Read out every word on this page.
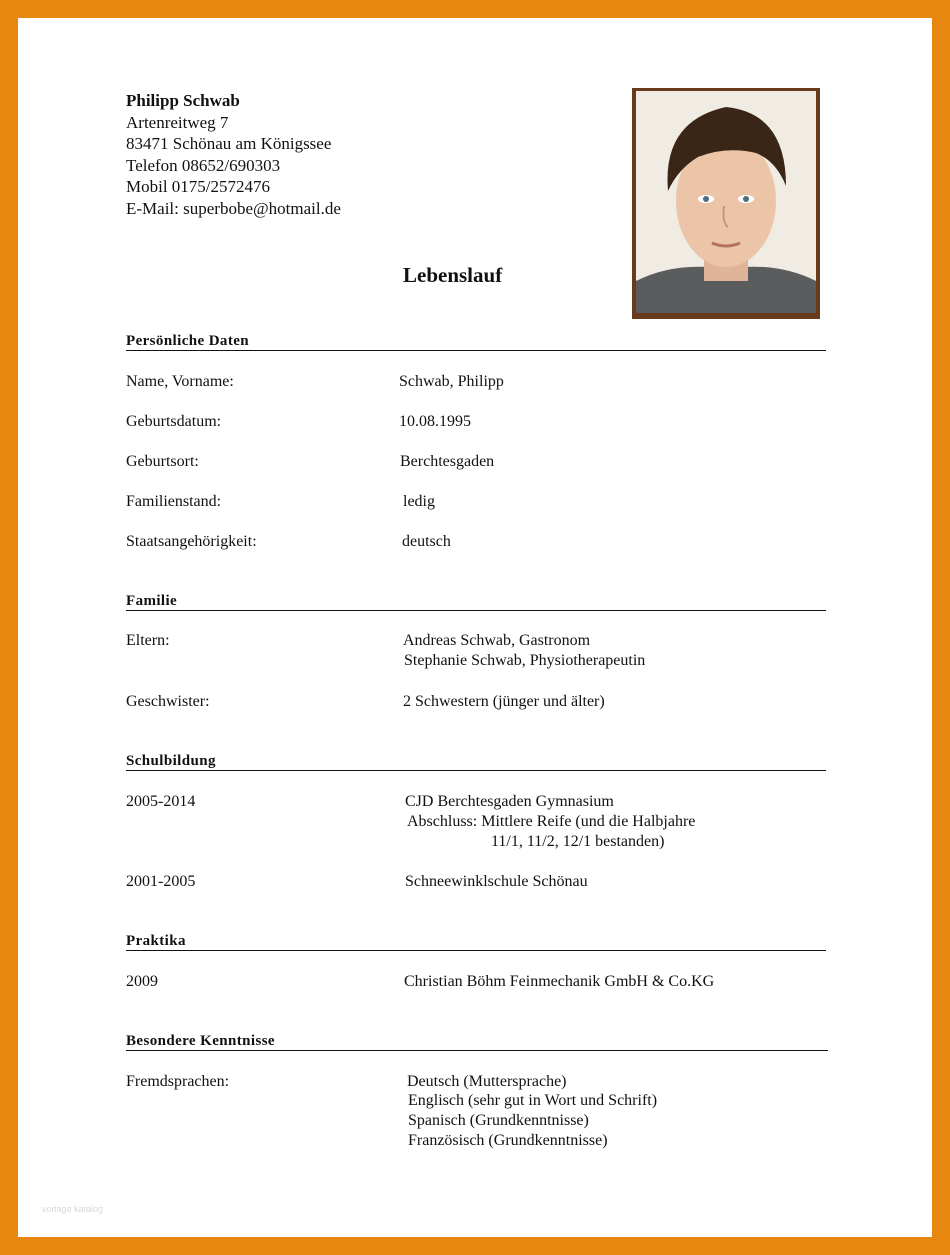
Philipp Schwab
Artenreitweg 7
83471 Schönau am Königssee
Telefon 08652/690303
Mobil 0175/2572476
E-Mail: superbobe@hotmail.de
Lebenslauf
Persönliche Daten
Name, Vorname:	Schwab, Philipp
Geburtsdatum:	10.08.1995
Geburtsort:	Berchtesgaden
Familienstand:	ledig
Staatsangehörigkeit:	deutsch
Familie
Eltern:	Andreas Schwab, Gastronom
Stephanie Schwab, Physiotherapeutin
Geschwister:	2 Schwestern (jünger und älter)
Schulbildung
2005-2014	CJD Berchtesgaden Gymnasium
Abschluss: Mittlere Reife (und die Halbjahre
11/1, 11/2, 12/1 bestanden)
2001-2005	Schneewinklschule Schönau
Praktika
2009	Christian Böhm Feinmechanik GmbH & Co.KG
Besondere Kenntnisse
Fremdsprachen:	Deutsch (Muttersprache)
Englisch (sehr gut in Wort und Schrift)
Spanisch (Grundkenntnisse)
Französisch (Grundkenntnisse)
vorlage katalog
